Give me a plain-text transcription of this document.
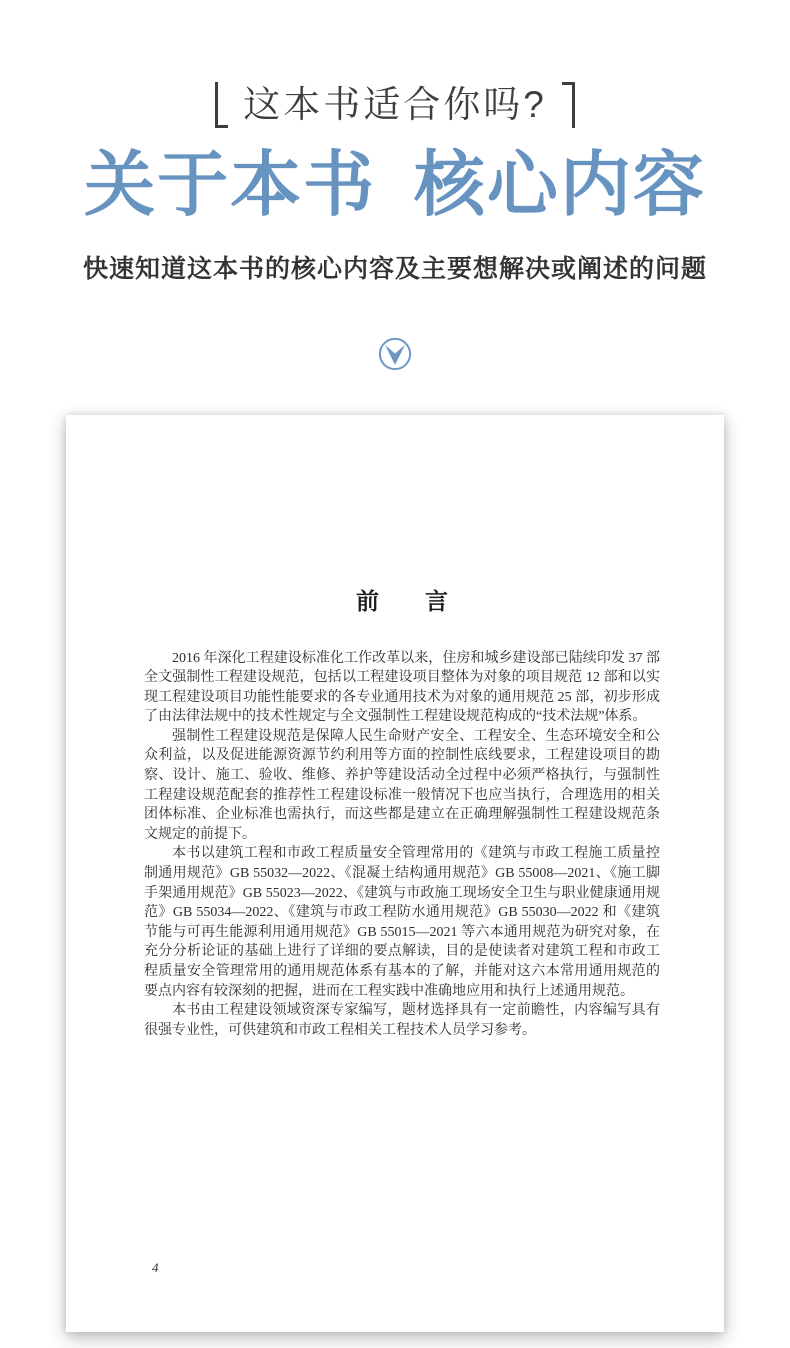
这本书适合你吗?
关于本书 核心内容
快速知道这本书的核心内容及主要想解决或阐述的问题
前　　言

2016 年深化工程建设标准化工作改革以来，住房和城乡建设部已陆续印发 37 部全文强制性工程建设规范，包括以工程建设项目整体为对象的项目规范 12 部和以实现工程建设项目功能性能要求的各专业通用技术为对象的通用规范 25 部，初步形成了由法律法规中的技术性规定与全文强制性工程建设规范构成的“技术法规”体系。

强制性工程建设规范是保障人民生命财产安全、工程安全、生态环境安全和公众利益，以及促进能源资源节约利用等方面的控制性底线要求，工程建设项目的勘察、设计、施工、验收、维修、养护等建设活动全过程中必须严格执行，与强制性工程建设规范配套的推荐性工程建设标准一般情况下也应当执行，合理选用的相关团体标准、企业标准也需执行，而这些都是建立在正确理解强制性工程建设规范条文规定的前提下。

本书以建筑工程和市政工程质量安全管理常用的《建筑与市政工程施工质量控制通用规范》GB 55032—2022、《混凝土结构通用规范》GB 55008—2021、《施工脚手架通用规范》GB 55023—2022、《建筑与市政施工现场安全卫生与职业健康通用规范》GB 55034—2022、《建筑与市政工程防水通用规范》GB 55030—2022 和《建筑节能与可再生能源利用通用规范》GB 55015—2021 等六本通用规范为研究对象，在充分分析论证的基础上进行了详细的要点解读，目的是使读者对建筑工程和市政工程质量安全管理常用的通用规范体系有基本的了解，并能对这六本常用通用规范的要点内容有较深刻的把握，进而在工程实践中准确地应用和执行上述通用规范。

本书由工程建设领域资深专家编写，题材选择具有一定前瞻性，内容编写具有很强专业性，可供建筑和市政工程相关工程技术人员学习参考。

4
